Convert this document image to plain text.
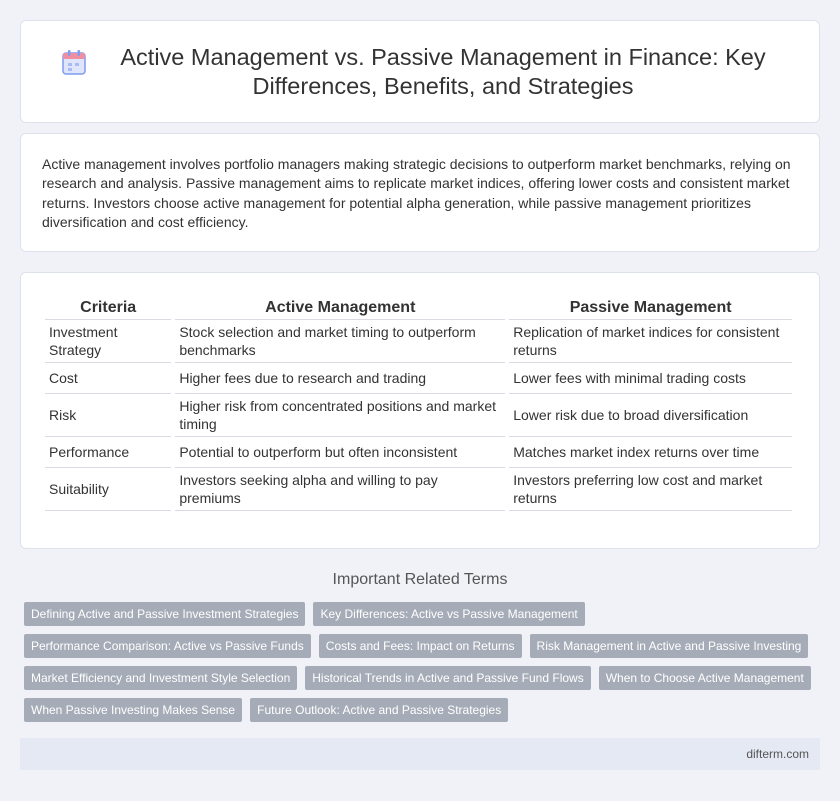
Active Management vs. Passive Management in Finance: Key Differences, Benefits, and Strategies

Active management involves portfolio managers making strategic decisions to outperform market benchmarks, relying on research and analysis. Passive management aims to replicate market indices, offering lower costs and consistent market returns. Investors choose active management for potential alpha generation, while passive management prioritizes diversification and cost efficiency.

Criteria	Active Management	Passive Management
Investment Strategy	Stock selection and market timing to outperform benchmarks	Replication of market indices for consistent returns
Cost	Higher fees due to research and trading	Lower fees with minimal trading costs
Risk	Higher risk from concentrated positions and market timing	Lower risk due to broad diversification
Performance	Potential to outperform but often inconsistent	Matches market index returns over time
Suitability	Investors seeking alpha and willing to pay premiums	Investors preferring low cost and market returns
Important Related Terms
Defining Active and Passive Investment Strategies	Key Differences: Active vs Passive Management
Performance Comparison: Active vs Passive Funds	Costs and Fees: Impact on Returns	Risk Management in Active and Passive Investing
Market Efficiency and Investment Style Selection	Historical Trends in Active and Passive Fund Flows	When to Choose Active Management
When Passive Investing Makes Sense	Future Outlook: Active and Passive Strategies
difterm.com
